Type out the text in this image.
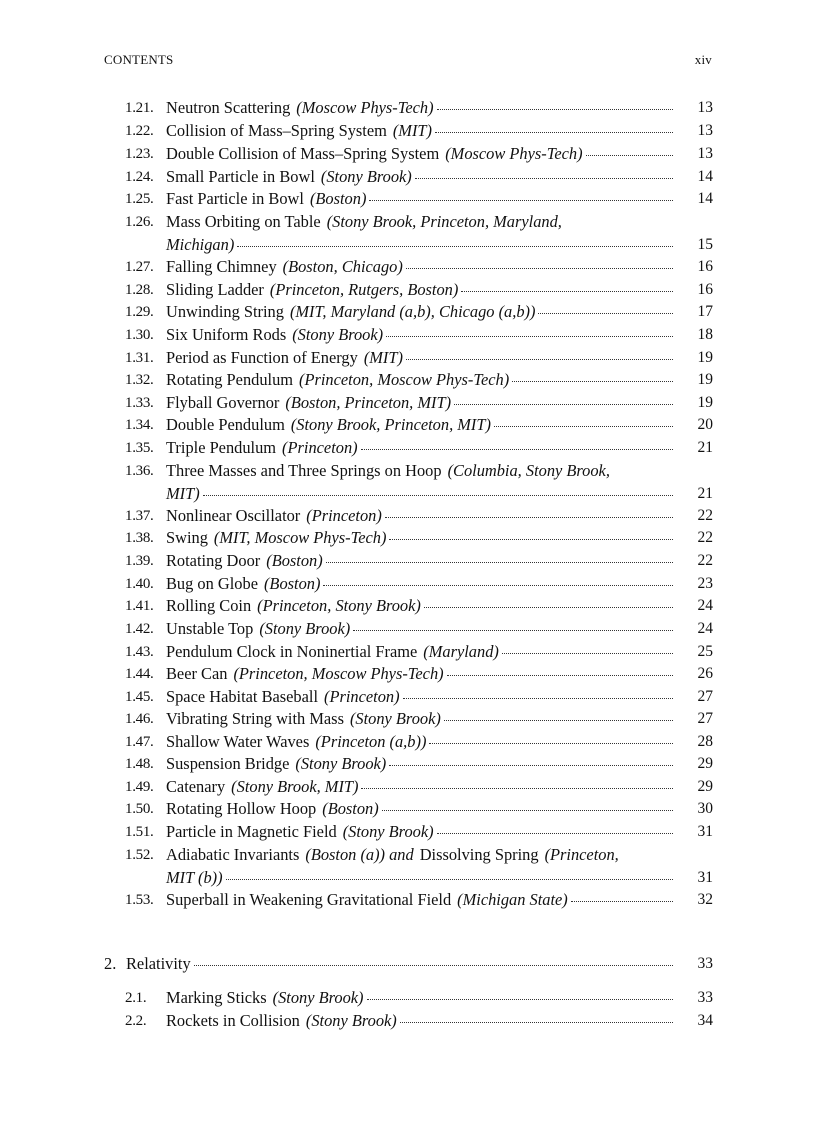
CONTENTS	xiv
1.21. Neutron Scattering (Moscow Phys-Tech)	13
1.22. Collision of Mass–Spring System (MIT)	13
1.23. Double Collision of Mass–Spring System (Moscow Phys-Tech)	13
1.24. Small Particle in Bowl (Stony Brook)	14
1.25. Fast Particle in Bowl (Boston)	14
1.26. Mass Orbiting on Table (Stony Brook, Princeton, Maryland,
Michigan)	15
1.27. Falling Chimney (Boston, Chicago)	16
1.28. Sliding Ladder (Princeton, Rutgers, Boston)	16
1.29. Unwinding String (MIT, Maryland (a,b), Chicago (a,b))	17
1.30. Six Uniform Rods (Stony Brook)	18
1.31. Period as Function of Energy (MIT)	19
1.32. Rotating Pendulum (Princeton, Moscow Phys-Tech)	19
1.33. Flyball Governor (Boston, Princeton, MIT)	19
1.34. Double Pendulum (Stony Brook, Princeton, MIT)	20
1.35. Triple Pendulum (Princeton)	21
1.36. Three Masses and Three Springs on Hoop (Columbia, Stony Brook,
MIT)	21
1.37. Nonlinear Oscillator (Princeton)	22
1.38. Swing (MIT, Moscow Phys-Tech)	22
1.39. Rotating Door (Boston)	22
1.40. Bug on Globe (Boston)	23
1.41. Rolling Coin (Princeton, Stony Brook)	24
1.42. Unstable Top (Stony Brook)	24
1.43. Pendulum Clock in Noninertial Frame (Maryland)	25
1.44. Beer Can (Princeton, Moscow Phys-Tech)	26
1.45. Space Habitat Baseball (Princeton)	27
1.46. Vibrating String with Mass (Stony Brook)	27
1.47. Shallow Water Waves (Princeton (a,b))	28
1.48. Suspension Bridge (Stony Brook)	29
1.49. Catenary (Stony Brook, MIT)	29
1.50. Rotating Hollow Hoop (Boston)	30
1.51. Particle in Magnetic Field (Stony Brook)	31
1.52. Adiabatic Invariants (Boston (a)) and Dissolving Spring (Princeton,
MIT (b))	31
1.53. Superball in Weakening Gravitational Field (Michigan State)	32
2. Relativity	33
2.1. Marking Sticks (Stony Brook)	33
2.2. Rockets in Collision (Stony Brook)	34
